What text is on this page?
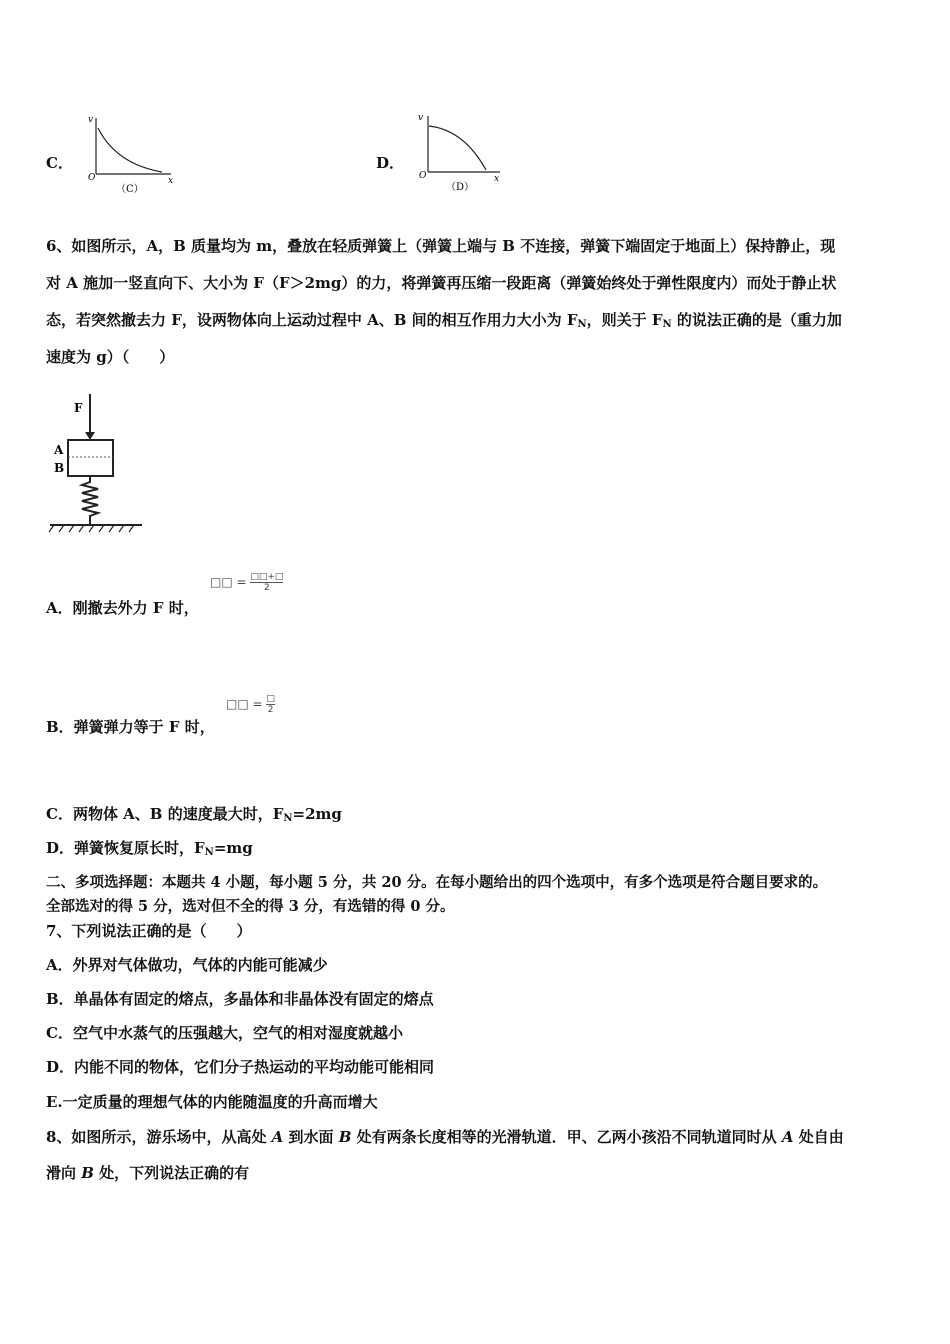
C．
v
x
O
（C）
D．
v
x
O
（D）
6、如图所示，A，B 质量均为 m，叠放在轻质弹簧上（弹簧上端与 B 不连接，弹簧下端固定于地面上）保持静止，现
对 A 施加一竖直向下、大小为 F（F＞2mg）的力，将弹簧再压缩一段距离（弹簧始终处于弹性限度内）而处于静止状
态，若突然撤去力 F，设两物体向上运动过程中 A、B 间的相互作用力大小为 $F_N$，则关于 $F_N$ 的说法正确的是（重力加
速度为 g）（　　）
F
A
B
A．刚撤去外力 F 时，
□□ = □□+□
2
B．弹簧弹力等于 F 时，
□□ = □
2
C．两物体 A、B 的速度最大时，$F_N=2mg$
D．弹簧恢复原长时，$F_N=mg$
二、多项选择题：本题共 4 小题，每小题 5 分，共 20 分。在每小题给出的四个选项中，有多个选项是符合题目要求的。
全部选对的得 5 分，选对但不全的得 3 分，有选错的得 0 分。
7、下列说法正确的是（　　）
A．外界对气体做功，气体的内能可能减少
B．单晶体有固定的熔点，多晶体和非晶体没有固定的熔点
C．空气中水蒸气的压强越大，空气的相对湿度就越小
D．内能不同的物体，它们分子热运动的平均动能可能相同
E.一定质量的理想气体的内能随温度的升高而增大
8、如图所示，游乐场中，从高处 A 到水面 B 处有两条长度相等的光滑轨道．甲、乙两小孩沿不同轨道同时从 A 处自由
滑向 B 处，下列说法正确的有
